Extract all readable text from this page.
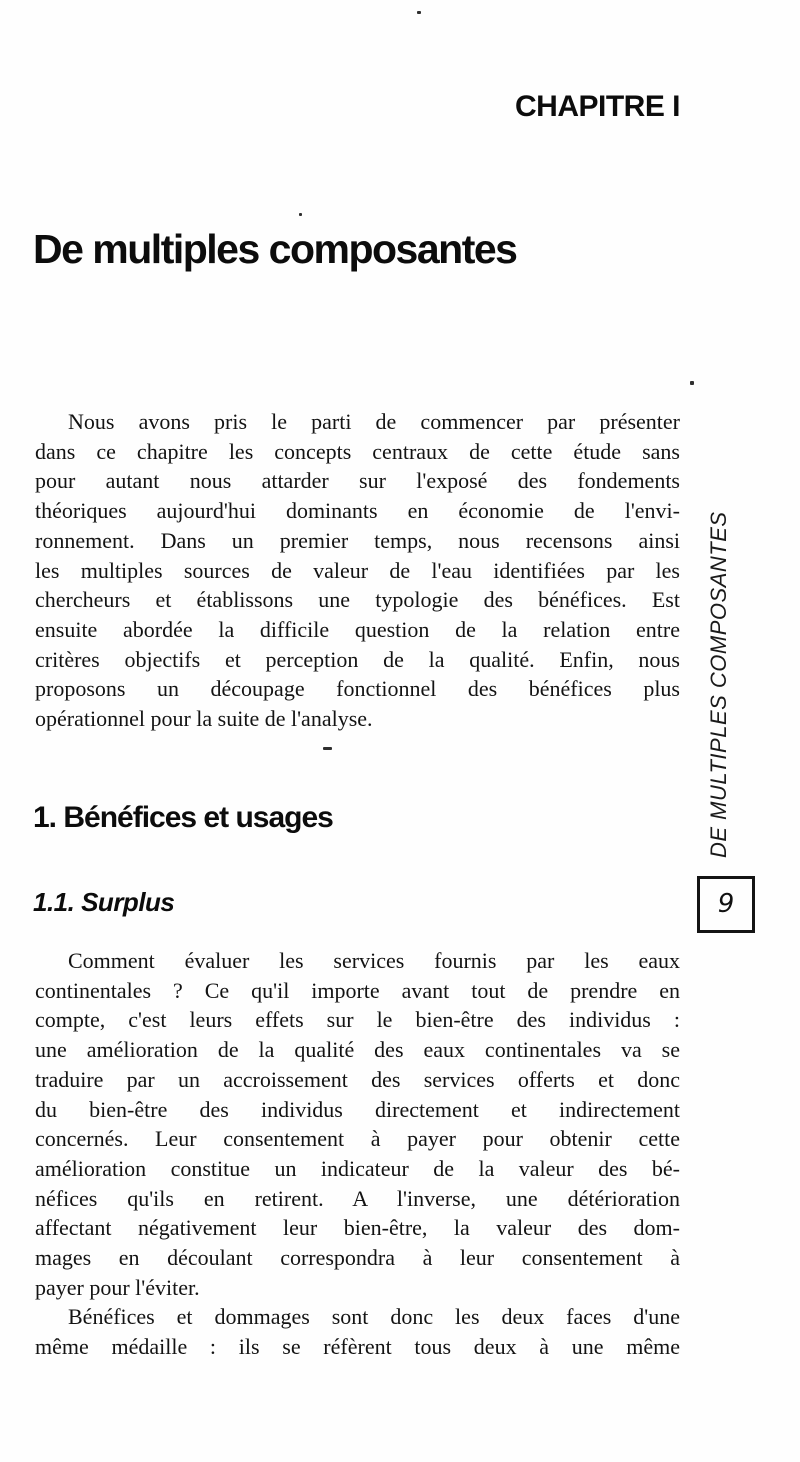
CHAPITRE I
De multiples composantes
Nous avons pris le parti de commencer par présenter
dans ce chapitre les concepts centraux de cette étude sans
pour autant nous attarder sur l'exposé des fondements
théoriques aujourd'hui dominants en économie de l'envi-
ronnement. Dans un premier temps, nous recensons ainsi
les multiples sources de valeur de l'eau identifiées par les
chercheurs et établissons une typologie des bénéfices. Est
ensuite abordée la difficile question de la relation entre
critères objectifs et perception de la qualité. Enfin, nous
proposons un découpage fonctionnel des bénéfices plus
opérationnel pour la suite de l'analyse.
1. Bénéfices et usages
1.1. Surplus
Comment évaluer les services fournis par les eaux
continentales ? Ce qu'il importe avant tout de prendre en
compte, c'est leurs effets sur le bien-être des individus :
une amélioration de la qualité des eaux continentales va se
traduire par un accroissement des services offerts et donc
du bien-être des individus directement et indirectement
concernés. Leur consentement à payer pour obtenir cette
amélioration constitue un indicateur de la valeur des bé-
néfices qu'ils en retirent. A l'inverse, une détérioration
affectant négativement leur bien-être, la valeur des dom-
mages en découlant correspondra à leur consentement à
payer pour l'éviter.
Bénéfices et dommages sont donc les deux faces d'une
même médaille : ils se réfèrent tous deux à une même
DE MULTIPLES COMPOSANTES
9
